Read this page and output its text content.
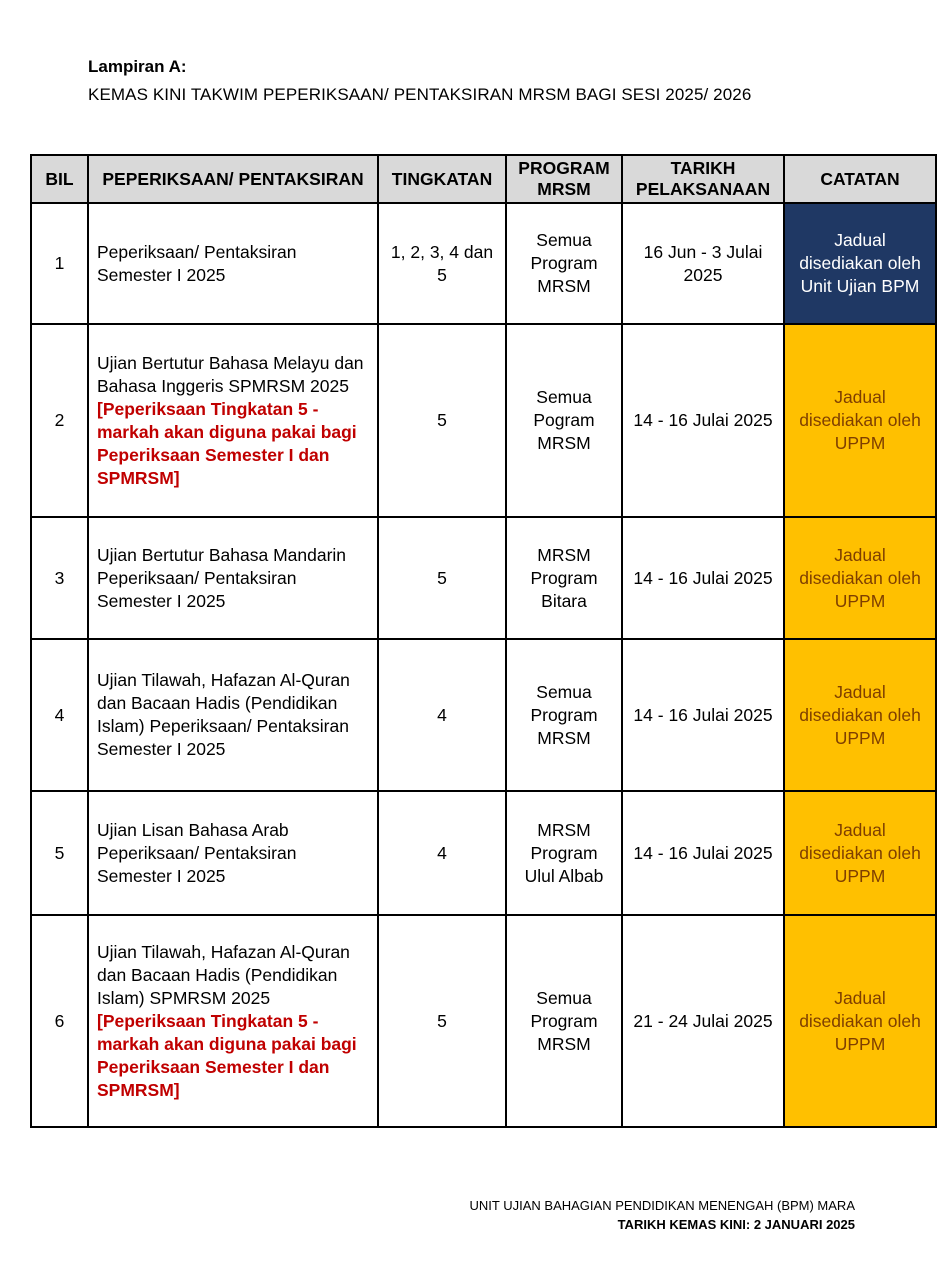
Lampiran A:
KEMAS KINI TAKWIM PEPERIKSAAN/ PENTAKSIRAN MRSM BAGI SESI 2025/ 2026
BIL	PEPERIKSAAN/ PENTAKSIRAN	TINGKATAN	PROGRAM MRSM	TARIKH PELAKSANAAN	CATATAN
1	Peperiksaan/ Pentaksiran Semester I 2025	1, 2, 3, 4 dan 5	Semua Program MRSM	16 Jun - 3 Julai 2025	Jadual disediakan oleh Unit Ujian BPM
2	Ujian Bertutur Bahasa Melayu dan Bahasa Inggeris SPMRSM 2025
[Peperiksaan Tingkatan 5 - markah akan diguna pakai bagi Peperiksaan Semester I dan SPMRSM]	5	Semua Pogram MRSM	14 - 16 Julai 2025	Jadual disediakan oleh UPPM
3	Ujian Bertutur Bahasa Mandarin Peperiksaan/ Pentaksiran Semester I 2025	5	MRSM Program Bitara	14 - 16 Julai 2025	Jadual disediakan oleh UPPM
4	Ujian Tilawah, Hafazan Al-Quran dan Bacaan Hadis (Pendidikan Islam) Peperiksaan/ Pentaksiran Semester I 2025	4	Semua Program MRSM	14 - 16 Julai 2025	Jadual disediakan oleh UPPM
5	Ujian Lisan Bahasa Arab Peperiksaan/ Pentaksiran Semester I 2025	4	MRSM Program Ulul Albab	14 - 16 Julai 2025	Jadual disediakan oleh UPPM
6	Ujian Tilawah, Hafazan Al-Quran dan Bacaan Hadis (Pendidikan Islam) SPMRSM 2025
[Peperiksaan Tingkatan 5 - markah akan diguna pakai bagi Peperiksaan Semester I dan SPMRSM]	5	Semua Program MRSM	21 - 24 Julai 2025	Jadual disediakan oleh UPPM
UNIT UJIAN BAHAGIAN PENDIDIKAN MENENGAH (BPM) MARA
TARIKH KEMAS KINI: 2 JANUARI 2025
